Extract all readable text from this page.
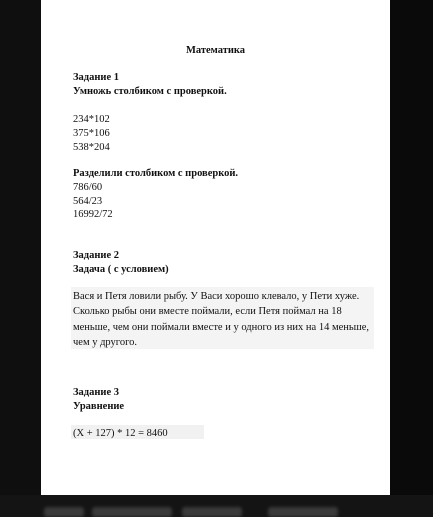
Математика
Задание 1
Умножь столбиком с проверкой.
234*102
375*106
538*204
Разделили столбиком с проверкой.
786/60
564/23
16992/72
Задание 2
Задача ( с условием)
Вася и Петя ловили рыбу. У Васи хорошо клевало, у Пети хуже. Сколько рыбы они вместе поймали, если Петя поймал на 18 меньше, чем они поймали вместе и у одного из них на 14 меньше, чем у другого.
Задание 3
Уравнение
(Х + 127) * 12 = 8460
